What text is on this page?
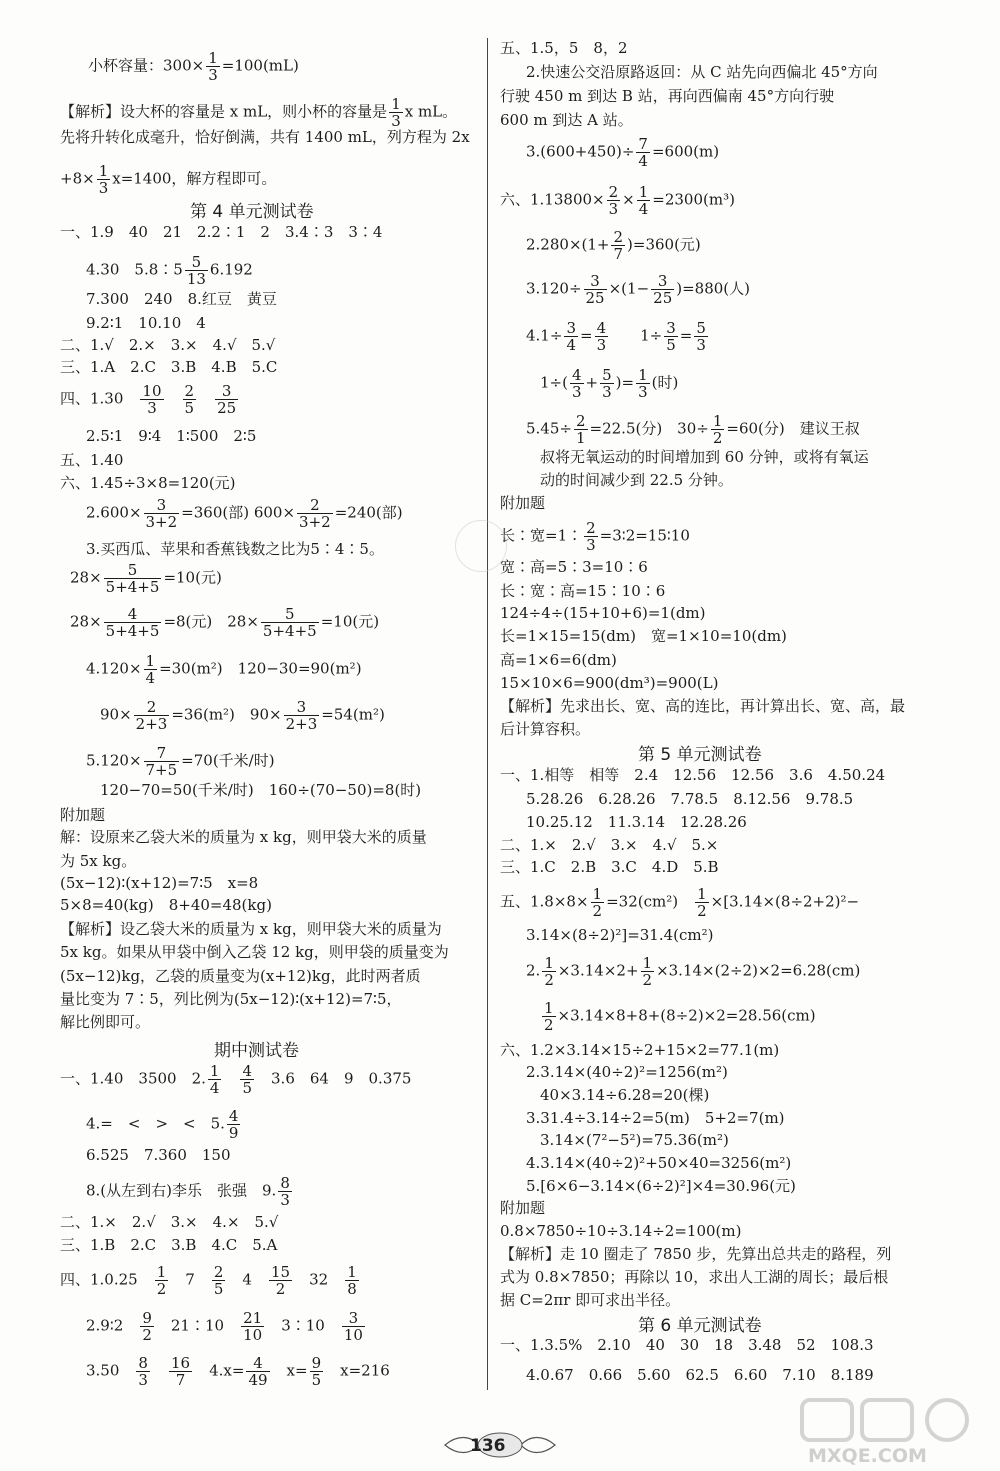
小杯容量：$300\times \frac{1}{3} =100(mL)$
【解析】设大杯的容量是 x mL，则小杯的容量是 $\frac{1}{3}$ x mL。
先将升转化成毫升，恰好倒满，共有 1400 mL，列方程为 2x
$+8\times \frac{1}{3} x=1400$，解方程即可。
第 4 单元测试卷
一、1.9　40　21　2.2∶1　2　3.4∶3　3∶4
4.30　5.8∶5 $\frac{5}{13} 6.192$
7.300　240　8.红豆　黄豆
9.2∶1　10.10　4
二、1.√　2.×　3.×　4.√　5.√
三、1.A　2.C　3.B　4.B　5.C
四、1.30　 $\frac{10}{3}$
　 $\frac{2}{5}$
　 $\frac{3}{25}$
2.5∶1　9∶4　1∶500　2∶5
五、1.40
六、1.45÷3×8=120(元)
$2.600\times \frac{3}{3+2} =360$(部) $600\times \frac{2}{3+2} =240$(部)
3.买西瓜、苹果和香蕉钱数之比为5∶4∶5。
$28\times \frac{5}{5+4+5} =10$(元)
$28\times \frac{4}{5+4+5} =8$(元)　$28\times \frac{5}{5+4+5} =10$(元)
$4.120\times \frac{1}{4} =30(m^2)$　120−30=90(m²)
$90\times \frac{2}{2+3} =36(m^2)$　$90\times \frac{3}{2+3} =54(m^2)$
$5.120\times \frac{7}{7+5} =70$(千米/时)
120−70=50(千米/时)　160÷(70−50)=8(时)
附加题
解：设原来乙袋大米的质量为 x kg，则甲袋大米的质量
为 5x kg。
(5x−12)∶(x+12)=7∶5　x=8
5×8=40(kg)　8+40=48(kg)
【解析】设乙袋大米的质量为 x kg，则甲袋大米的质量为
5x kg。如果从甲袋中倒入乙袋 12 kg，则甲袋的质量变为
(5x−12)kg，乙袋的质量变为(x+12)kg，此时两者质
量比变为 7∶5，列比例为(5x−12)∶(x+12)=7∶5，
解比例即可。
期中测试卷
一、1.40　3500　2. $\frac{1}{4}$
　 $\frac{4}{5}$
　 3.6　64　9　0.375
4.=　<　>　<　5. $\frac{4}{9}$
6.525　7.360　150
8.(从左到右)李乐　张强　9. $\frac{8}{3}$
二、1.×　2.√　3.×　4.×　5.√
三、1.B　2.C　3.B　4.C　5.A
四、1.0.25　 $\frac{1}{2}$
　 7　 $\frac{2}{5}$
　 4　 $\frac{15}{2}$
　 32　 $\frac{1}{8}$
2.9∶2　 $\frac{9}{2}$
　 21∶10　 $\frac{21}{10}$
　 3∶10　 $\frac{3}{10}$
3.50　 $\frac{8}{3}$
　 $\frac{16}{7}$
　 $4.x= \frac{4}{49}$
　 $x= \frac{9}{5}$
　 x=216
五、1.5，5　8，2
2.快速公交沿原路返回：从 C 站先向西偏北 45°方向
行驶 450 m 到达 B 站，再向西偏南 45°方向行驶
600 m 到达 A 站。
$3.(600+450)\div \frac{7}{4} =600(m)$
六、$1.13800\times \frac{2}{3} \times \frac{1}{4} =2300(m^3)$
$2.280\times(1+ \frac{2}{7} )=360$(元)
$3.120\div \frac{3}{25} \times(1- \frac{3}{25} )=880$(人)
$4.1\div \frac{3}{4} = \frac{4}{3}$
　　 $1\div \frac{3}{5} = \frac{5}{3}$
$1\div( \frac{4}{3} + \frac{5}{3}$ )= $\frac{1}{3}$ (时)
$5.45\div \frac{2}{1} =22.5$(分)　$30\div \frac{1}{2} =60$(分)　建议王叔
叔将无氧运动的时间增加到 60 分钟，或将有氧运
动的时间减少到 22.5 分钟。
附加题
长∶宽=1∶ $\frac{2}{3}$ =3∶2=15∶10
宽∶高=5∶3=10∶6
长∶宽∶高=15∶10∶6
124÷4÷(15+10+6)=1(dm)
长=1×15=15(dm)　宽=1×10=10(dm)
高=1×6=6(dm)
15×10×6=900(dm³)=900(L)
【解析】先求出长、宽、高的连比，再计算出长、宽、高，最
后计算容积。
第 5 单元测试卷
一、1.相等　相等　2.4　12.56　12.56　3.6　4.50.24
5.28.26　6.28.26　7.78.5　8.12.56　9.78.5
10.25.12　11.3.14　12.28.26
二、1.×　2.√　3.×　4.√　5.×
三、1.C　2.B　3.C　4.D　5.B
五、$1.8\times 8\times \frac{1}{2} =32(cm^2)$　 $\frac{1}{2} \times[3.14\times(8\div 2+2)^2-$
3.14×(8÷2)²]=31.4(cm²)
2. $\frac{1}{2} \times 3.14\times 2+ \frac{1}{2} \times 3.14\times(2\div 2)\times 2=6.28(cm)$
$\frac{1}{2} \times 3.14\times 8+8+(8\div 2)\times 2=28.56(cm)$
六、1.2×3.14×15÷2+15×2=77.1(m)
2.3.14×(40÷2)²=1256(m²)
40×3.14÷6.28=20(棵)
3.31.4÷3.14÷2=5(m)　5+2=7(m)
3.14×(7²−5²)=75.36(m²)
4.3.14×(40÷2)²+50×40=3256(m²)
5.[6×6−3.14×(6÷2)²]×4=30.96(元)
附加题
0.8×7850÷10÷3.14÷2=100(m)
【解析】走 10 圈走了 7850 步，先算出总共走的路程，列
式为 0.8×7850；再除以 10，求出人工湖的周长；最后根
据 C=2πr 即可求出半径。
第 6 单元测试卷
一、1.3.5%　2.10　40　30　18　3.48　52　108.3
4.0.67　0.66　5.60　62.5　6.60　7.10　8.189
136	MXQE.COM
